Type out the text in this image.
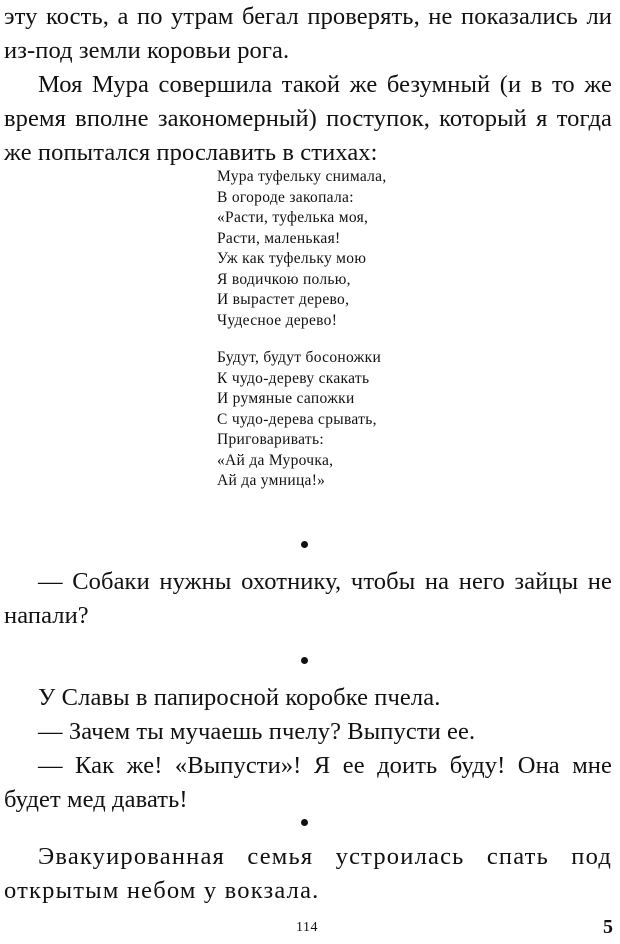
эту кость, а по утрам бегал проверять, не показались ли из-под земли коровьи рога.

Моя Мура совершила такой же безумный (и в то же время вполне закономерный) поступок, который я тогда же попытался прославить в стихах:

Мура туфельку снимала,
В огороде закопала:
«Расти, туфелька моя,
Расти, маленькая!
Уж как туфельку мою
Я водичкою полью,
И вырастет дерево,
Чудесное дерево!
Будут, будут босоножки
К чудо-дереву скакать
И румяные сапожки
С чудо-дерева срывать,
Приговаривать:
«Ай да Мурочка,
Ай да умница!»

— Собаки нужны охотнику, чтобы на него зайцы не напали?

У Славы в папиросной коробке пчела.

— Зачем ты мучаешь пчелу? Выпусти ее.

— Как же! «Выпусти»! Я ее доить буду! Она мне будет мед давать!

Эвакуированная семья устроилась спать под открытым небом у вокзала.

114	5
